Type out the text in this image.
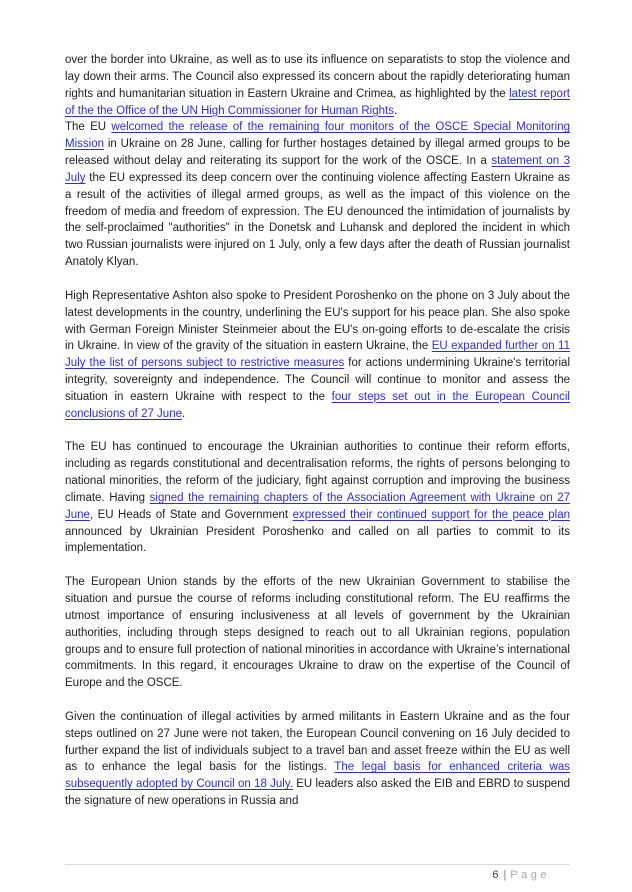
over the border into Ukraine, as well as to use its influence on separatists to stop the violence and lay down their arms. The Council also expressed its concern about the rapidly deteriorating human rights and humanitarian situation in Eastern Ukraine and Crimea, as highlighted by the latest report of the the Office of the UN High Commissioner for Human Rights.

The EU welcomed the release of the remaining four monitors of the OSCE Special Monitoring Mission in Ukraine on 28 June, calling for further hostages detained by illegal armed groups to be released without delay and reiterating its support for the work of the OSCE. In a statement on 3 July the EU expressed its deep concern over the continuing violence affecting Eastern Ukraine as a result of the activities of illegal armed groups, as well as the impact of this violence on the freedom of media and freedom of expression. The EU denounced the intimidation of journalists by the self-proclaimed "authorities" in the Donetsk and Luhansk and deplored the incident in which two Russian journalists were injured on 1 July, only a few days after the death of Russian journalist Anatoly Klyan.

High Representative Ashton also spoke to President Poroshenko on the phone on 3 July about the latest developments in the country, underlining the EU's support for his peace plan. She also spoke with German Foreign Minister Steinmeier about the EU's on-going efforts to de-escalate the crisis in Ukraine. In view of the gravity of the situation in eastern Ukraine, the EU expanded further on 11 July the list of persons subject to restrictive measures for actions undermining Ukraine's territorial integrity, sovereignty and independence. The Council will continue to monitor and assess the situation in eastern Ukraine with respect to the four steps set out in the European Council conclusions of 27 June.

The EU has continued to encourage the Ukrainian authorities to continue their reform efforts, including as regards constitutional and decentralisation reforms, the rights of persons belonging to national minorities, the reform of the judiciary, fight against corruption and improving the business climate. Having signed the remaining chapters of the Association Agreement with Ukraine on 27 June, EU Heads of State and Government expressed their continued support for the peace plan announced by Ukrainian President Poroshenko and called on all parties to commit to its implementation.

The European Union stands by the efforts of the new Ukrainian Government to stabilise the situation and pursue the course of reforms including constitutional reform. The EU reaffirms the utmost importance of ensuring inclusiveness at all levels of government by the Ukrainian authorities, including through steps designed to reach out to all Ukrainian regions, population groups and to ensure full protection of national minorities in accordance with Ukraine’s international commitments. In this regard, it encourages Ukraine to draw on the expertise of the Council of Europe and the OSCE.

Given the continuation of illegal activities by armed militants in Eastern Ukraine and as the four steps outlined on 27 June were not taken, the European Council convening on 16 July decided to further expand the list of individuals subject to a travel ban and asset freeze within the EU as well as to enhance the legal basis for the listings. The legal basis for enhanced criteria was subsequently adopted by Council on 18 July. EU leaders also asked the EIB and EBRD to suspend the signature of new operations in Russia and

6 | Page
